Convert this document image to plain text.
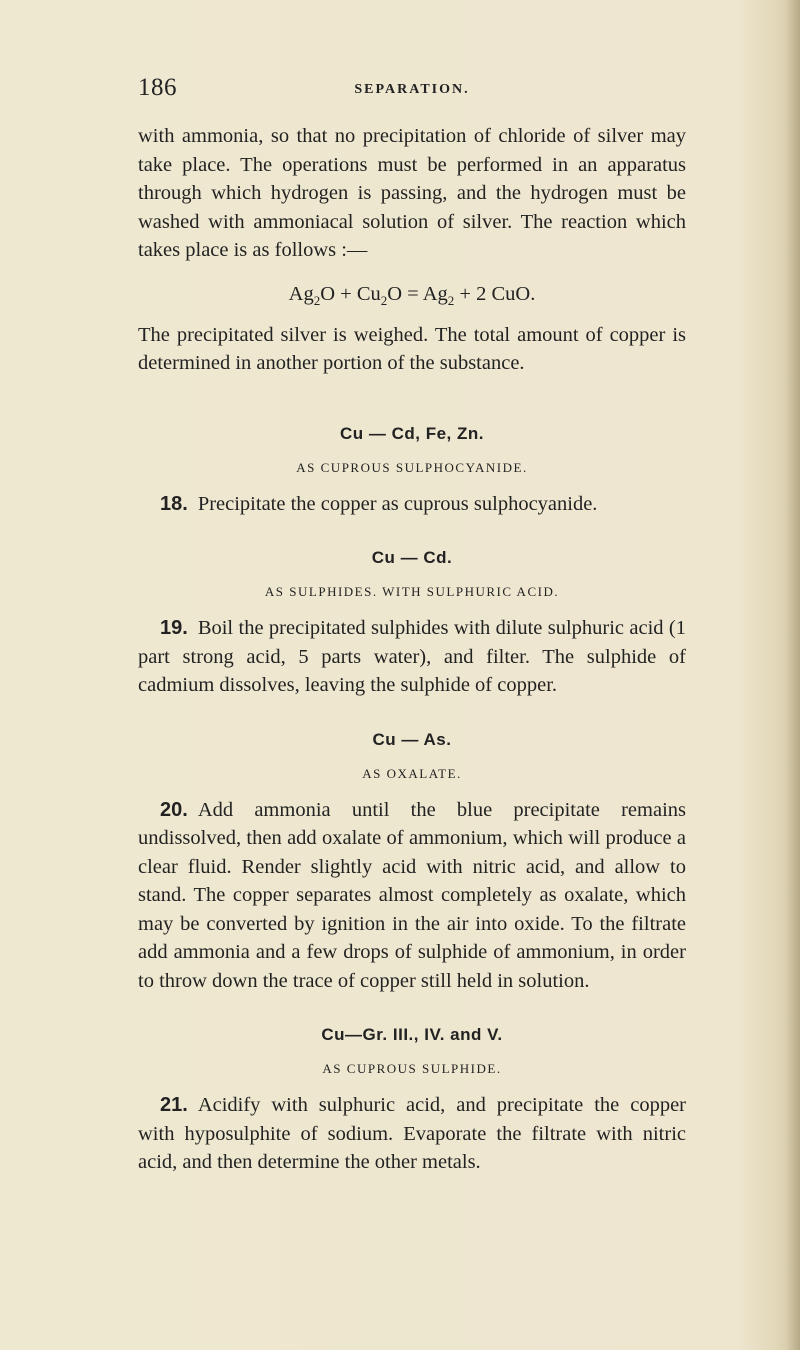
186	SEPARATION.

with ammonia, so that no precipitation of chloride of silver may take place. The operations must be performed in an apparatus through which hydrogen is passing, and the hydrogen must be washed with ammoniacal solution of silver. The reaction which takes place is as follows :—

$Ag_2O + Cu_2O = Ag_2 + 2$ CuO.

The precipitated silver is weighed. The total amount of copper is determined in another portion of the substance.

Cu — Cd, Fe, Zn.
AS CUPROUS SULPHOCYANIDE.

18. Precipitate the copper as cuprous sulphocyanide.

Cu — Cd.
AS SULPHIDES. WITH SULPHURIC ACID.

19. Boil the precipitated sulphides with dilute sulphuric acid (1 part strong acid, 5 parts water), and filter. The sulphide of cadmium dissolves, leaving the sulphide of copper.

Cu — As.
AS OXALATE.

20. Add ammonia until the blue precipitate remains undissolved, then add oxalate of ammonium, which will produce a clear fluid. Render slightly acid with nitric acid, and allow to stand. The copper separates almost completely as oxalate, which may be converted by ignition in the air into oxide. To the filtrate add ammonia and a few drops of sulphide of ammonium, in order to throw down the trace of copper still held in solution.

Cu—Gr. III., IV. and V.
AS CUPROUS SULPHIDE.

21. Acidify with sulphuric acid, and precipitate the copper with hyposulphite of sodium. Evaporate the filtrate with nitric acid, and then determine the other metals.
